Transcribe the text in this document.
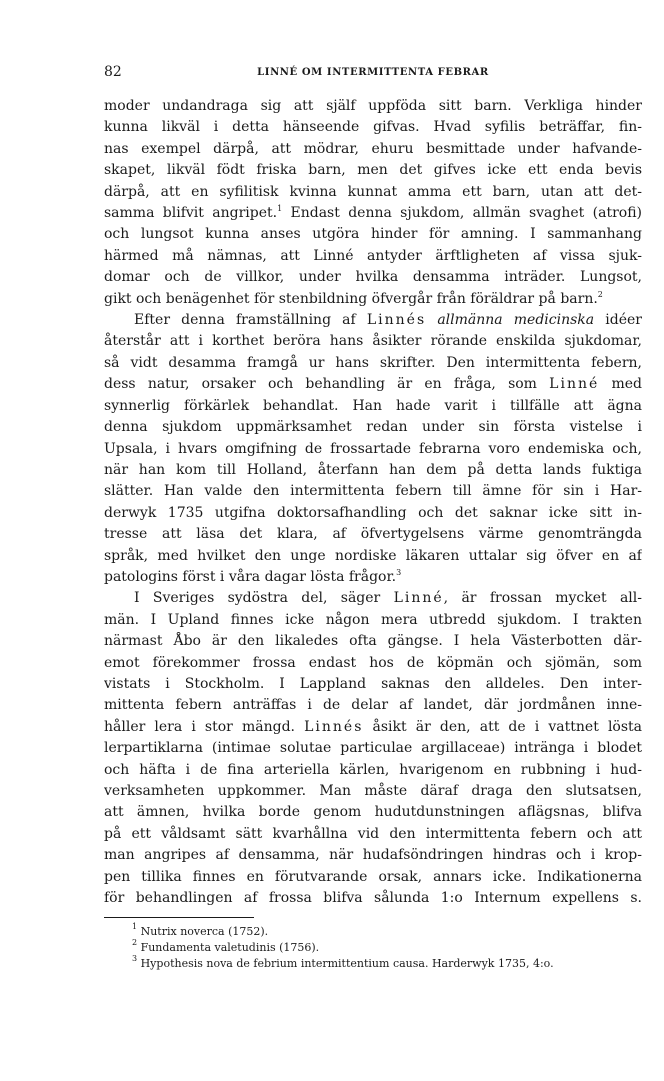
82	LINNÉ OM INTERMITTENTA FEBRAR
moder undandraga sig att själf uppföda sitt barn. Verkliga hinder
kunna likväl i detta hänseende gifvas. Hvad syfilis beträffar, fin-
nas exempel därpå, att mödrar, ehuru besmittade under hafvande-
skapet, likväl födt friska barn, men det gifves icke ett enda bevis
därpå, att en syfilitisk kvinna kunnat amma ett barn, utan att det-
samma blifvit angripet.$^1$ Endast denna sjukdom, allmän svaghet (atrofi)
och lungsot kunna anses utgöra hinder för amning. I sammanhang
härmed må nämnas, att Linné antyder ärftligheten af vissa sjuk-
domar och de villkor, under hvilka densamma inträder. Lungsot,
gikt och benägenhet för stenbildning öfvergår från föräldrar på barn.$^2$
Efter denna framställning af Linnés allmänna medicinska idéer
återstår att i korthet beröra hans åsikter rörande enskilda sjukdomar,
så vidt desamma framgå ur hans skrifter. Den intermittenta febern,
dess natur, orsaker och behandling är en fråga, som Linné med
synnerlig förkärlek behandlat. Han hade varit i tillfälle att ägna
denna sjukdom uppmärksamhet redan under sin första vistelse i
Upsala, i hvars omgifning de frossartade febrarna voro endemiska och,
när han kom till Holland, återfann han dem på detta lands fuktiga
slätter. Han valde den intermittenta febern till ämne för sin i Har-
derwyk 1735 utgifna doktorsafhandling och det saknar icke sitt in-
tresse att läsa det klara, af öfvertygelsens värme genomträngda
språk, med hvilket den unge nordiske läkaren uttalar sig öfver en af
patologins först i våra dagar lösta frågor.$^3$
I Sveriges sydöstra del, säger Linné, är frossan mycket all-
män. I Upland finnes icke någon mera utbredd sjukdom. I trakten
närmast Åbo är den likaledes ofta gängse. I hela Västerbotten där-
emot förekommer frossa endast hos de köpmän och sjömän, som
vistats i Stockholm. I Lappland saknas den alldeles. Den inter-
mittenta febern anträffas i de delar af landet, där jordmånen inne-
håller lera i stor mängd. Linnés åsikt är den, att de i vattnet lösta
lerpartiklarna (intimae solutae particulae argillaceae) inträngа i blodet
och häfta i de fina arteriella kärlen, hvarigenom en rubbning i hud-
verksamheten uppkommer. Man måste däraf draga den slutsatsen,
att ämnen, hvilka borde genom hudutdunstningen aflägsnas, blifva
på ett våldsamt sätt kvarhållna vid den intermittenta febern och att
man angripes af densamma, när hudafsöndringen hindras och i krop-
pen tillika finnes en förutvarande orsak, annars icke. Indikationerna
för behandlingen af frossa blifva sålunda 1:o Internum expellens s.
$^1$ Nutrix noverca (1752).
$^2$ Fundamenta valetudinis (1756).
$^3$ Hypothesis nova de febrium intermittentium causa. Harderwyk 1735, 4:o.
